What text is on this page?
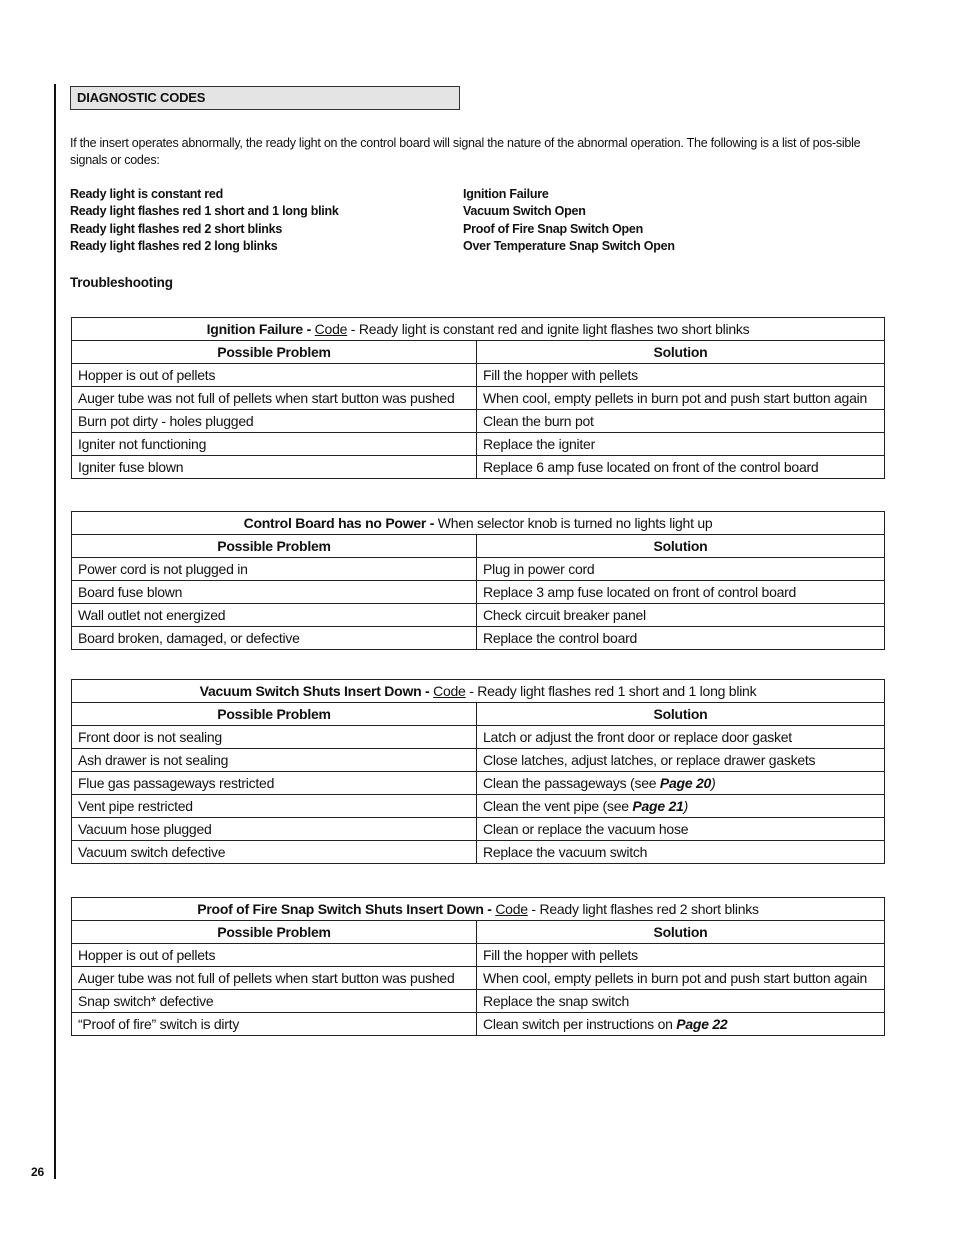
26
DIAGNOSTIC CODES

If the insert operates abnormally, the ready light on the control board will signal the nature of the abnormal operation. The following is a list of pos-sible signals or codes:

Ready light is constant red	Ignition Failure
Ready light flashes red 1 short and 1 long blink	Vacuum Switch Open
Ready light flashes red 2 short blinks	Proof of Fire Snap Switch Open
Ready light flashes red 2 long blinks	Over Temperature Snap Switch Open
Troubleshooting
Ignition Failure - Code - Ready light is constant red and ignite light flashes two short blinks	
Possible Problem	Solution
Hopper is out of pellets	Fill the hopper with pellets
Auger tube was not full of pellets when start button was pushed	When cool, empty pellets in burn pot and push start button again
Burn pot dirty - holes plugged	Clean the burn pot
Igniter not functioning	Replace the igniter
Igniter fuse blown	Replace 6 amp fuse located on front of the control board
Control Board has no Power - When selector knob is turned no lights light up	
Possible Problem	Solution
Power cord is not plugged in	Plug in power cord
Board fuse blown	Replace 3 amp fuse located on front of control board
Wall outlet not energized	Check circuit breaker panel
Board broken, damaged, or defective	Replace the control board
Vacuum Switch Shuts Insert Down - Code - Ready light flashes red 1 short and 1 long blink	
Possible Problem	Solution
Front door is not sealing	Latch or adjust the front door or replace door gasket
Ash drawer is not sealing	Close latches, adjust latches, or replace drawer gaskets
Flue gas passageways restricted	Clean the passageways (see Page 20)
Vent pipe restricted	Clean the vent pipe (see Page 21)
Vacuum hose plugged	Clean or replace the vacuum hose
Vacuum switch defective	Replace the vacuum switch
Proof of Fire Snap Switch Shuts Insert Down - Code - Ready light flashes red 2 short blinks	
Possible Problem	Solution
Hopper is out of pellets	Fill the hopper with pellets
Auger tube was not full of pellets when start button was pushed	When cool, empty pellets in burn pot and push start button again
Snap switch* defective	Replace the snap switch
“Proof of fire” switch is dirty	Clean switch per instructions on Page 22
